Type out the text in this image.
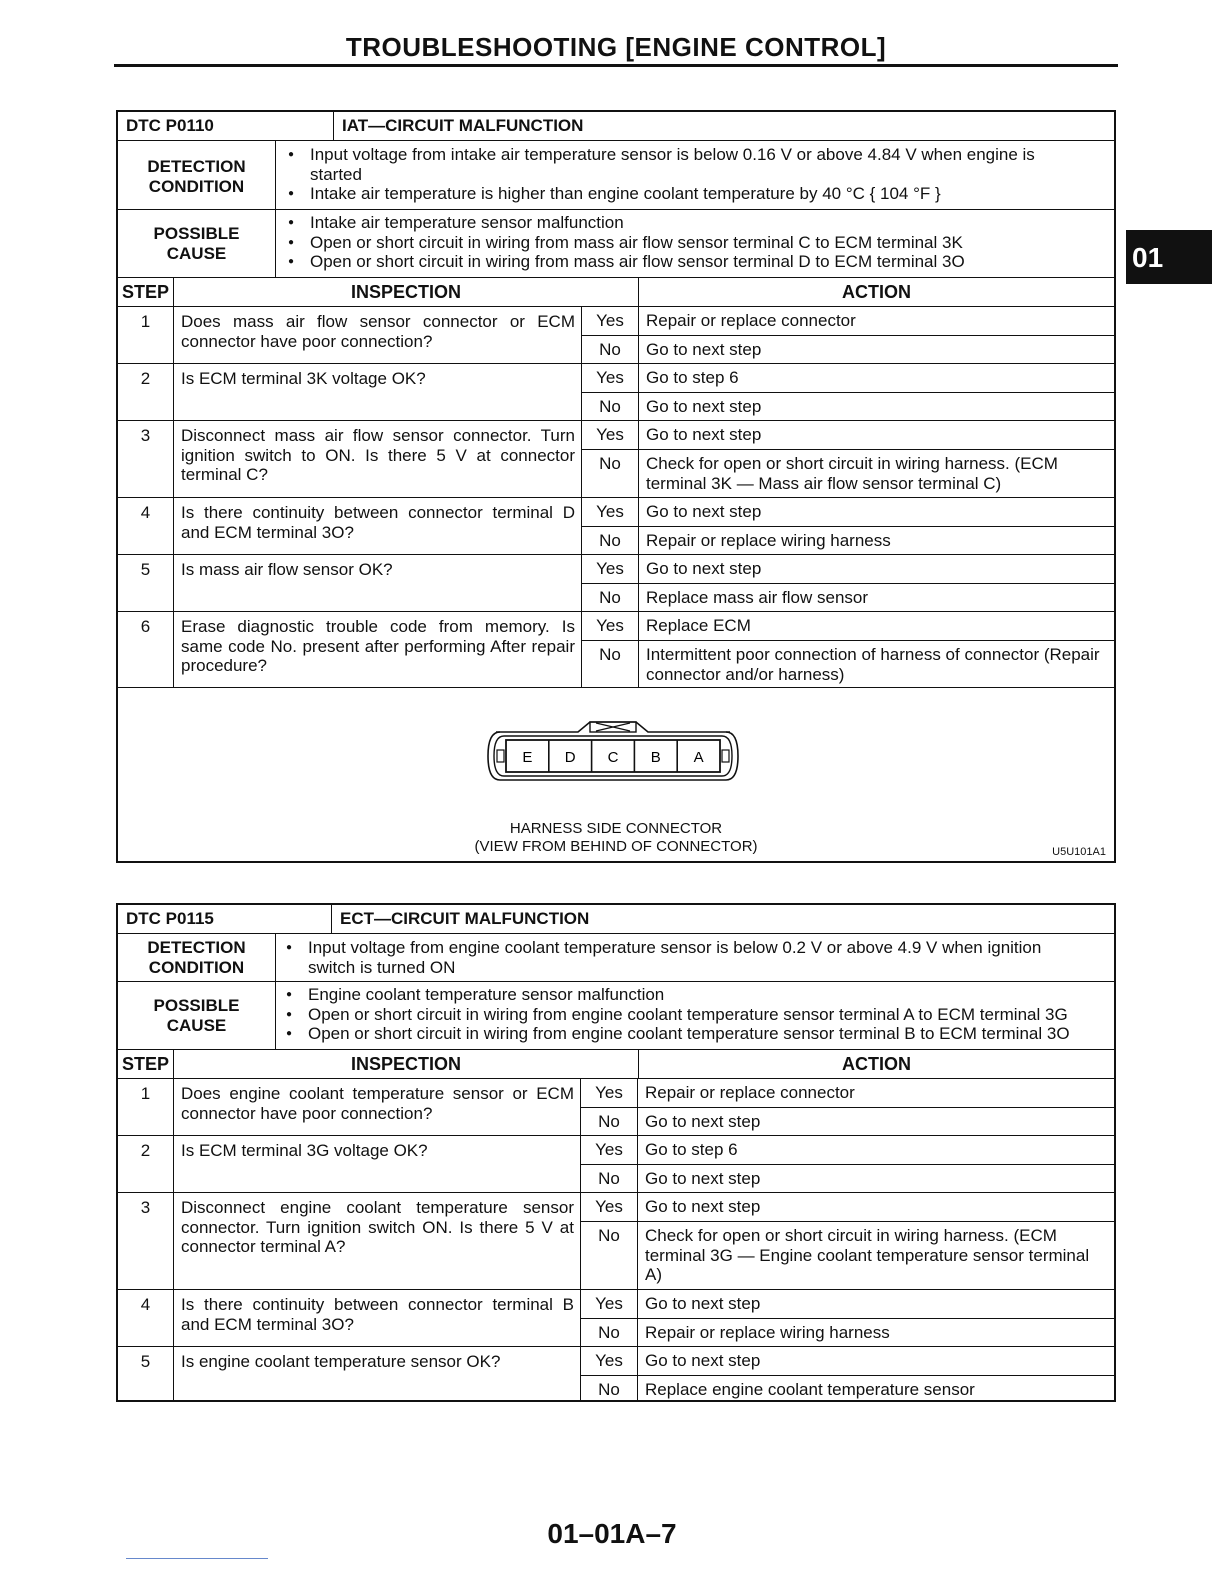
TROUBLESHOOTING [ENGINE CONTROL]
01
DTC P0110	IAT—CIRCUIT MALFUNCTION
DETECTION
CONDITION
● Input voltage from intake air temperature sensor is below 0.16 V or above 4.84 V when engine is started
● Intake air temperature is higher than engine coolant temperature by 40 °C { 104 °F }
POSSIBLE
CAUSE
● Intake air temperature sensor malfunction
● Open or short circuit in wiring from mass air flow sensor terminal C to ECM terminal 3K
● Open or short circuit in wiring from mass air flow sensor terminal D to ECM terminal 3O
STEP	INSPECTION	ACTION
1	Does mass air flow sensor connector or ECM connector have poor connection?
Yes	Repair or replace connector
No	Go to next step
2	Is ECM terminal 3K voltage OK?	Yes	Go to step 6
No	Go to next step
3	Disconnect mass air flow sensor connector. Turn ignition switch to ON. Is there 5 V at connector terminal C?
Yes	Go to next step
No	Check for open or short circuit in wiring harness. (ECM terminal 3K — Mass air flow sensor terminal C)
4	Is there continuity between connector terminal D and ECM terminal 3O?
Yes	Go to next step
No	Repair or replace wiring harness
5	Is mass air flow sensor OK?	Yes	Go to next step
No	Replace mass air flow sensor
6	Erase diagnostic trouble code from memory. Is same code No. present after performing After repair procedure?
Yes	Replace ECM
No	Intermittent poor connection of harness of connector (Repair connector and/or harness)
E D C B A
HARNESS SIDE CONNECTOR
(VIEW FROM BEHIND OF CONNECTOR)	U5U101A1
DTC P0115	ECT—CIRCUIT MALFUNCTION
DETECTION
CONDITION
● Input voltage from engine coolant temperature sensor is below 0.2 V or above 4.9 V when ignition switch is turned ON
POSSIBLE
CAUSE
● Engine coolant temperature sensor malfunction
● Open or short circuit in wiring from engine coolant temperature sensor terminal A to ECM terminal 3G
● Open or short circuit in wiring from engine coolant temperature sensor terminal B to ECM terminal 3O
STEP	INSPECTION	ACTION
1	Does engine coolant temperature sensor or ECM connector have poor connection?
Yes	Repair or replace connector
No	Go to next step
2	Is ECM terminal 3G voltage OK?	Yes	Go to step 6
No	Go to next step
3	Disconnect engine coolant temperature sensor connector. Turn ignition switch ON. Is there 5 V at connector terminal A?
Yes	Go to next step
No	Check for open or short circuit in wiring harness. (ECM terminal 3G — Engine coolant temperature sensor terminal A)
4	Is there continuity between connector terminal B and ECM terminal 3O?
Yes	Go to next step
No	Repair or replace wiring harness
5	Is engine coolant temperature sensor OK?	Yes	Go to next step
No	Replace engine coolant temperature sensor
01–01A–7
